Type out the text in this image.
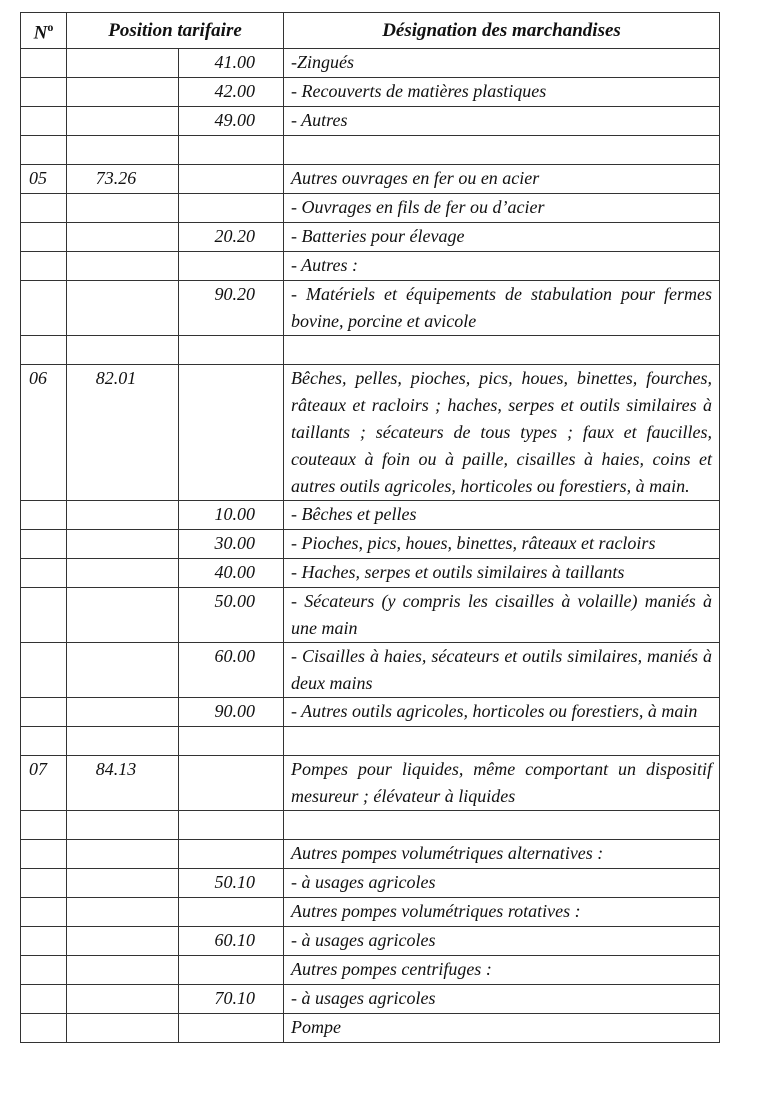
$N^o$	Position tarifaire		Désignation des marchandises
		41.00	-Zingués
		42.00	- Recouverts de matières plastiques
		49.00	- Autres

05	73.26		Autres ouvrages en fer ou en acier
			- Ouvrages en fils de fer ou d’acier
		20.20	- Batteries pour élevage
			- Autres :
		90.20	- Matériels et équipements de stabulation pour fermes bovine, porcine et avicole

06	82.01		Bêches, pelles, pioches, pics, houes, binettes, fourches, râteaux et racloirs ; haches, serpes et outils similaires à taillants ; sécateurs de tous types ; faux et faucilles, couteaux à foin ou à paille, cisailles à haies, coins et autres outils agricoles, horticoles ou forestiers, à main.
		10.00	- Bêches et pelles
		30.00	- Pioches, pics, houes, binettes, râteaux et racloirs
		40.00	- Haches, serpes et outils similaires à taillants
		50.00	- Sécateurs (y compris les cisailles à volaille) maniés à une main
		60.00	- Cisailles à haies, sécateurs et outils similaires, maniés à deux mains
		90.00	- Autres outils agricoles, horticoles ou forestiers, à main

07	84.13		Pompes pour liquides, même comportant un dispositif mesureur ; élévateur à liquides

			Autres pompes volumétriques alternatives :
		50.10	- à usages agricoles
			Autres pompes volumétriques rotatives :
		60.10	- à usages agricoles
			Autres pompes centrifuges :
		70.10	- à usages agricoles
			Pompe
